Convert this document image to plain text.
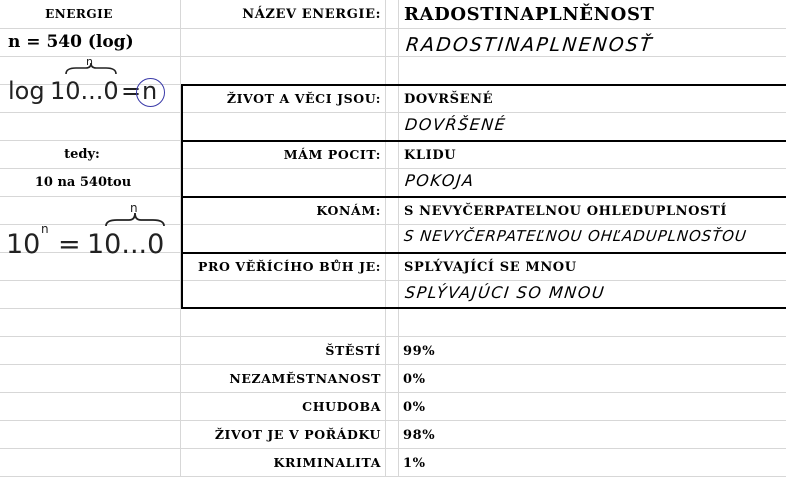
ENERGIE
n = 540 (log)
log 10...0
n
= n
tedy:
10 na 540tou
10 n = 10...0
n
NÁZEV ENERGIE: RADOSTINAPLNĚNOST
RADOSTINAPLNENOSŤ
ŽIVOT A VĚCI JSOU: DOVRŠENÉ
DOVŔŠENÉ
MÁM POCIT: KLIDU
POKOJA
KONÁM: S NEVYČERPATELNOU OHLEDUPLNOSTÍ
S NEVYČERPATEĽNOU OHĽADUPLNOSŤOU
PRO VĚŘÍCÍHO BŮH JE: SPLÝVAJÍCÍ SE MNOU
SPLÝVAJÚCI SO MNOU
ŠTĚSTÍ 99%
NEZAMĚSTNANOST 0%
CHUDOBA 0%
ŽIVOT JE V POŘÁDKU 98%
KRIMINALITA 1%
